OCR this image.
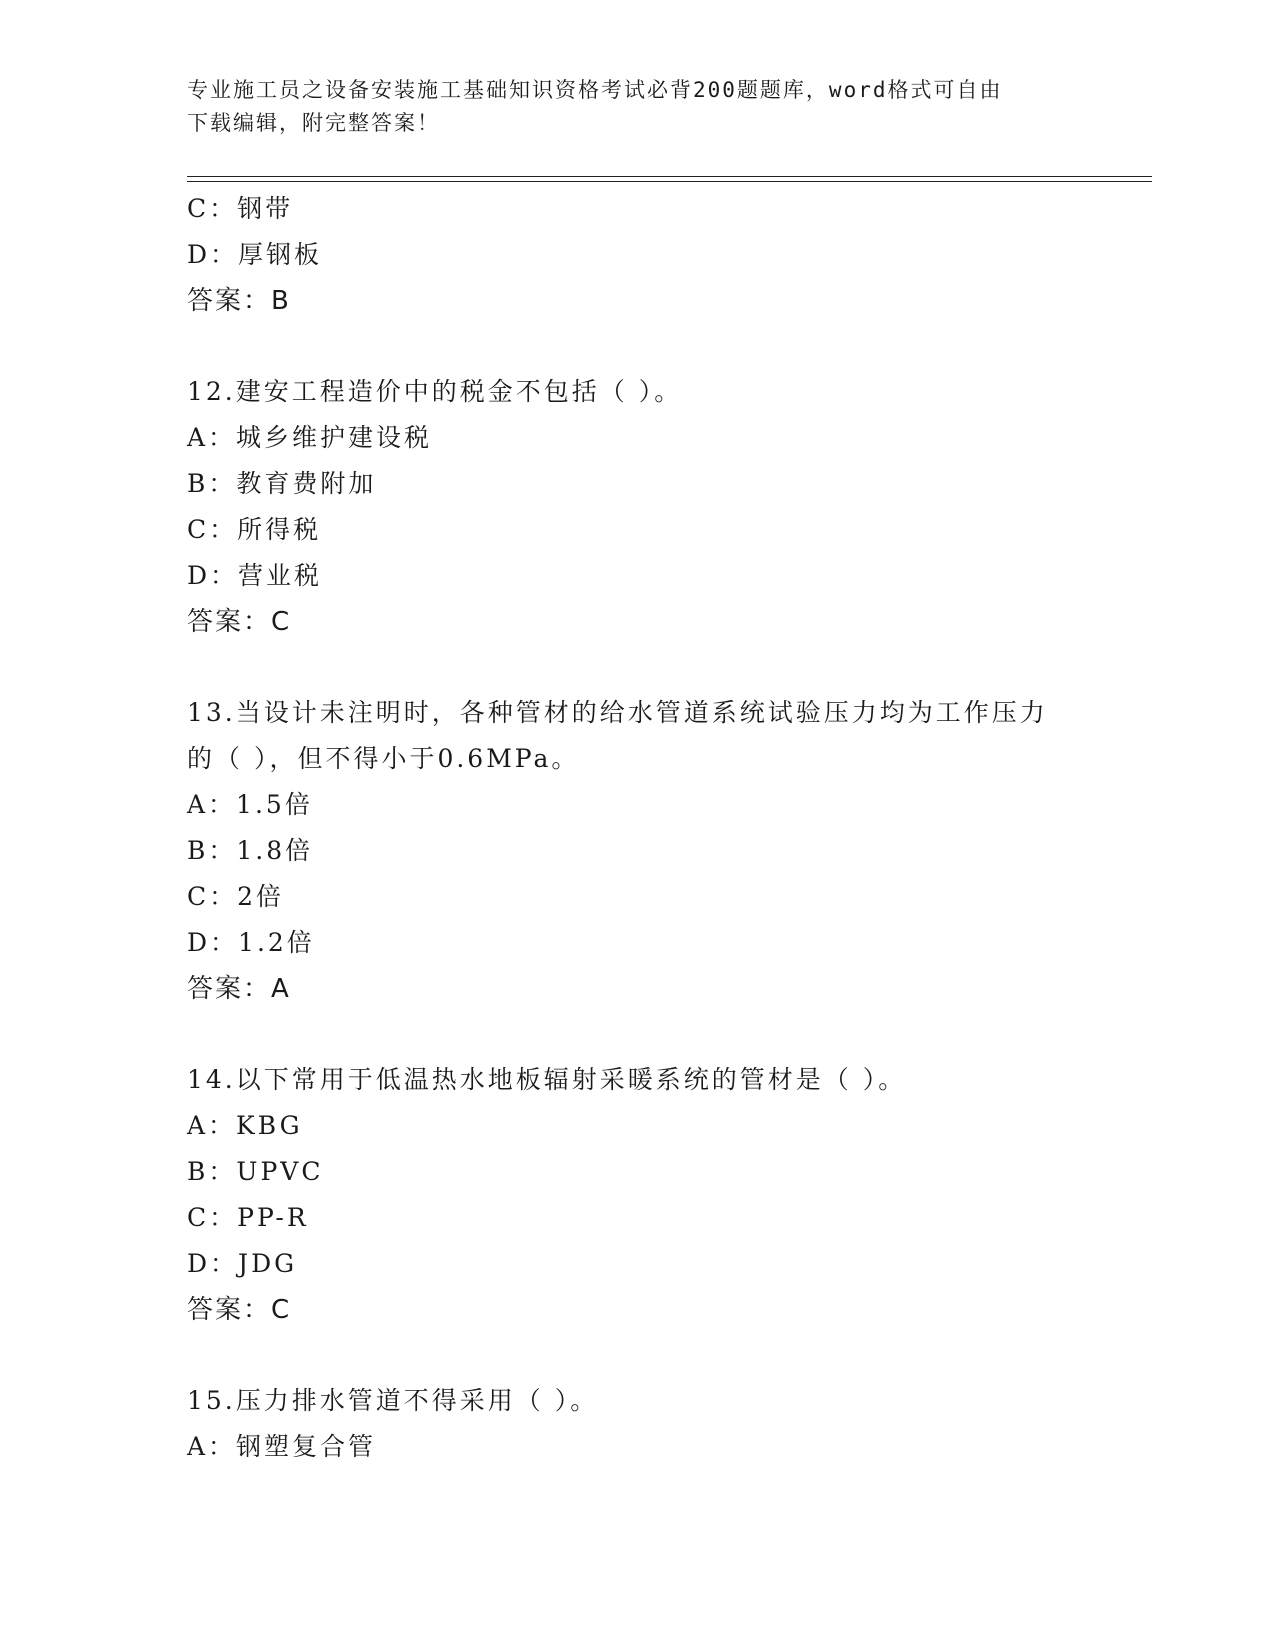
专业施工员之设备安装施工基础知识资格考试必背200题题库，word格式可自由
下载编辑，附完整答案！
C：钢带
D：厚钢板
答案：B
12.建安工程造价中的税金不包括（ ）。
A：城乡维护建设税
B：教育费附加
C：所得税
D：营业税
答案：C
13.当设计未注明时，各种管材的给水管道系统试验压力均为工作压力
的（ ），但不得小于0.6MPa。
A：1.5倍
B：1.8倍
C：2倍
D：1.2倍
答案：A
14.以下常用于低温热水地板辐射采暖系统的管材是（ ）。
A：KBG
B：UPVC
C：PP-R
D：JDG
答案：C
15.压力排水管道不得采用（ ）。
A：钢塑复合管
